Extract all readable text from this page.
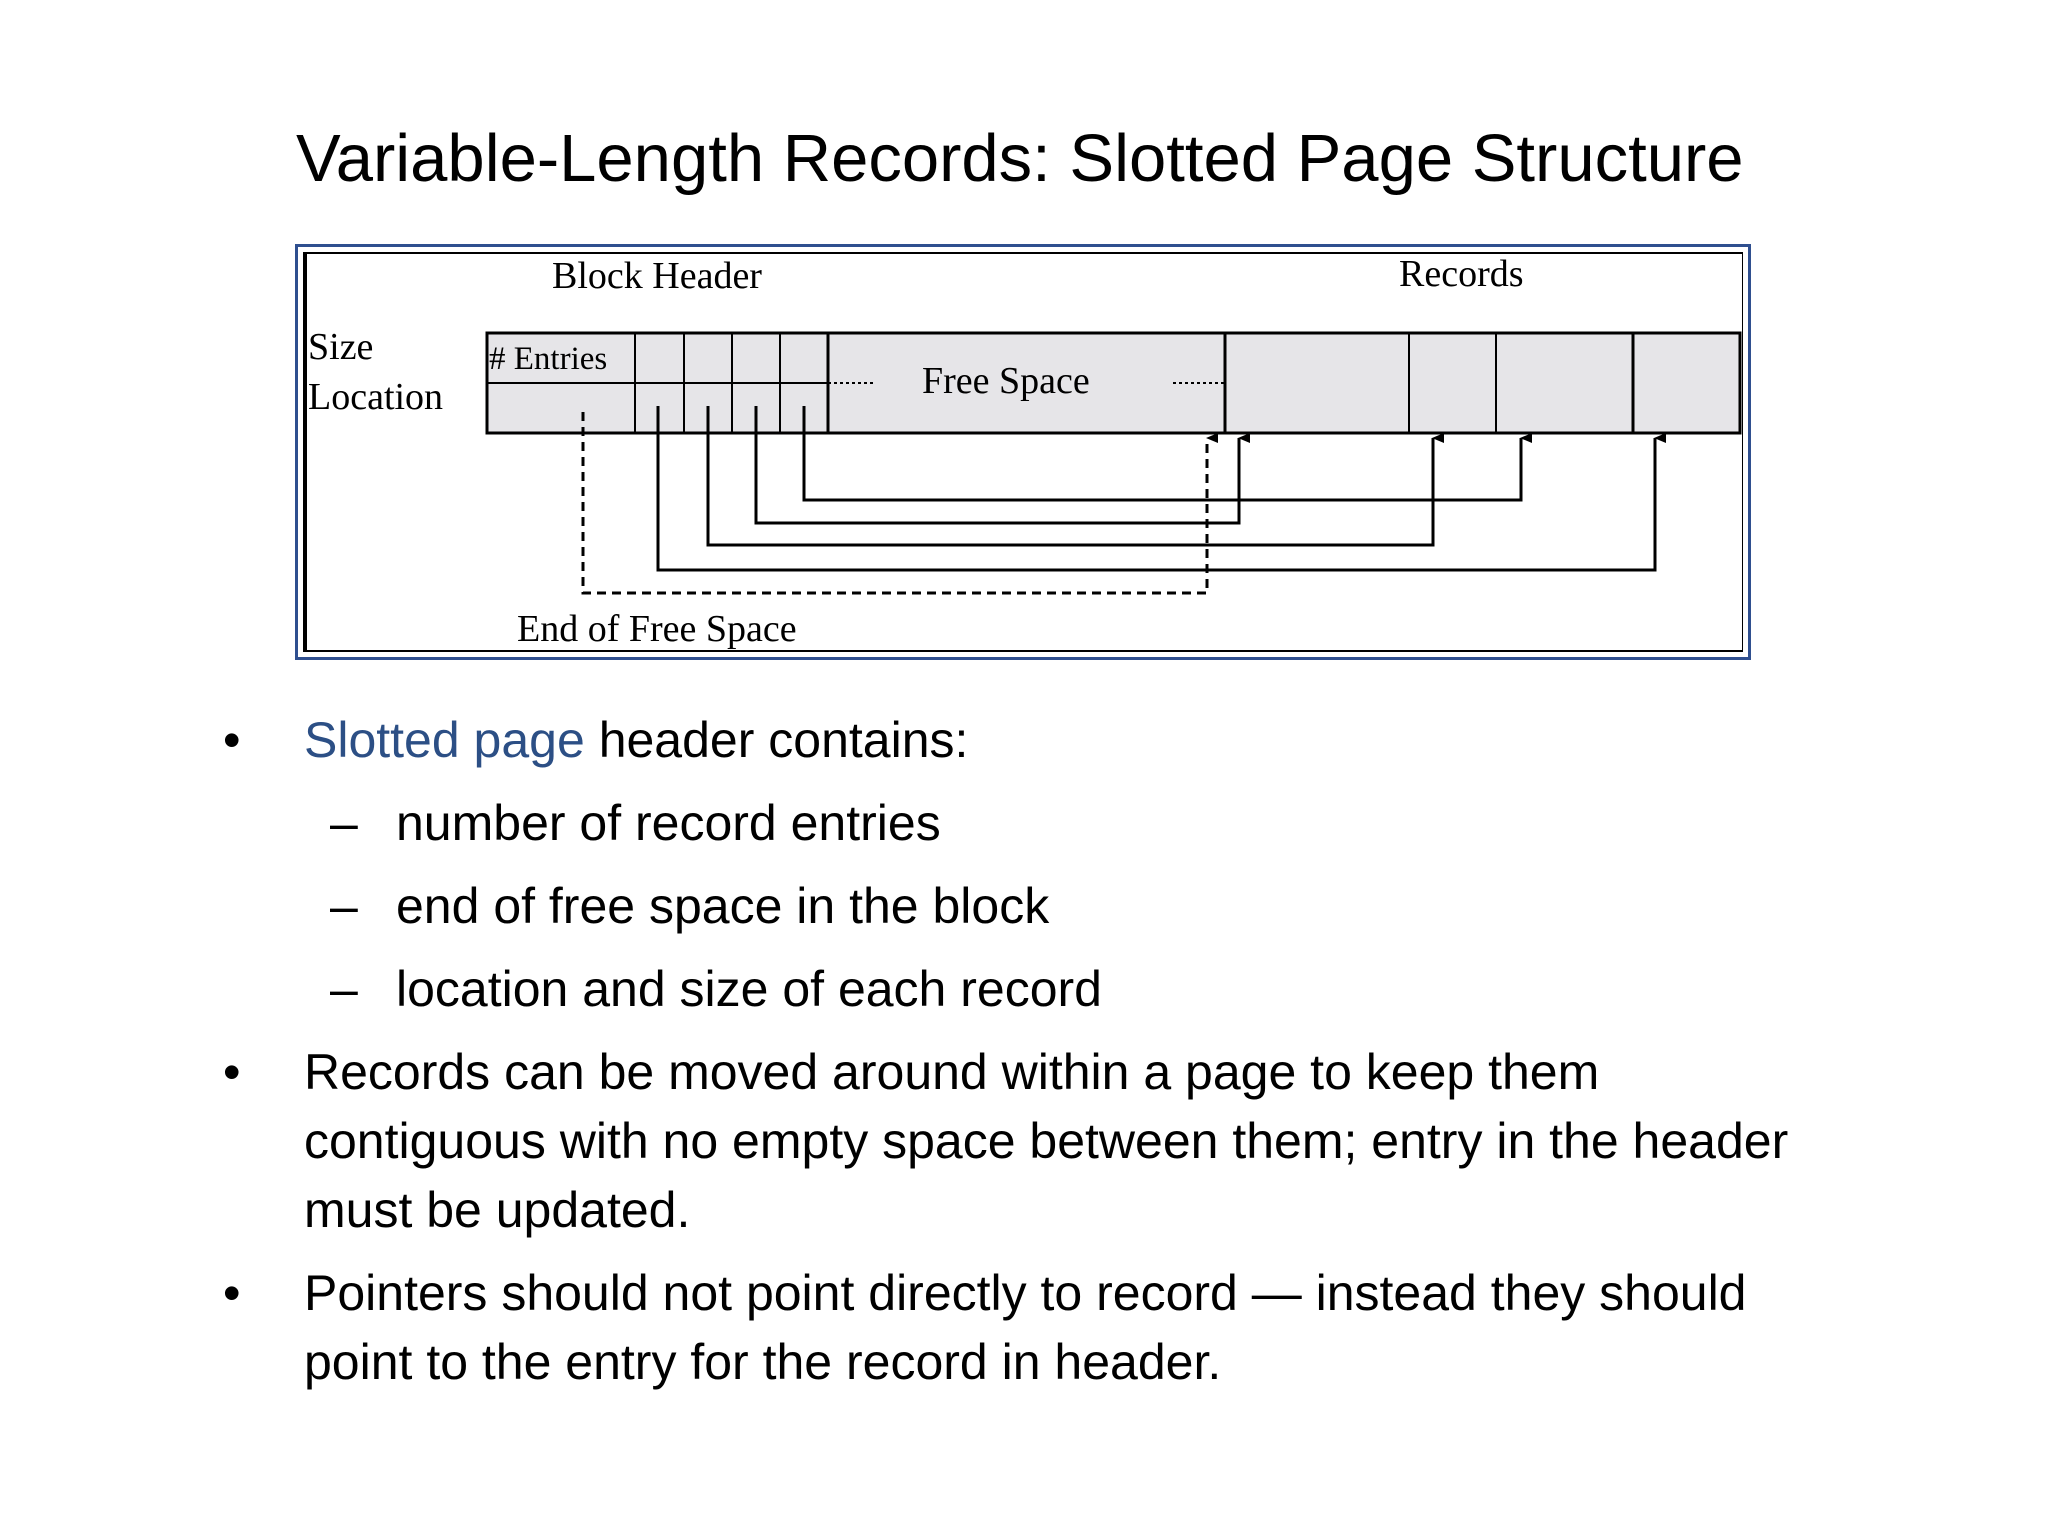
Variable-Length Records: Slotted Page Structure
Block Header	Records
Size
Location
# Entries
Free Space
End of Free Space
• Slotted page header contains:
– number of record entries
– end of free space in the block
– location and size of each record
• Records can be moved around within a page to keep them
contiguous with no empty space between them; entry in the header
must be updated.
• Pointers should not point directly to record — instead they should
point to the entry for the record in header.
